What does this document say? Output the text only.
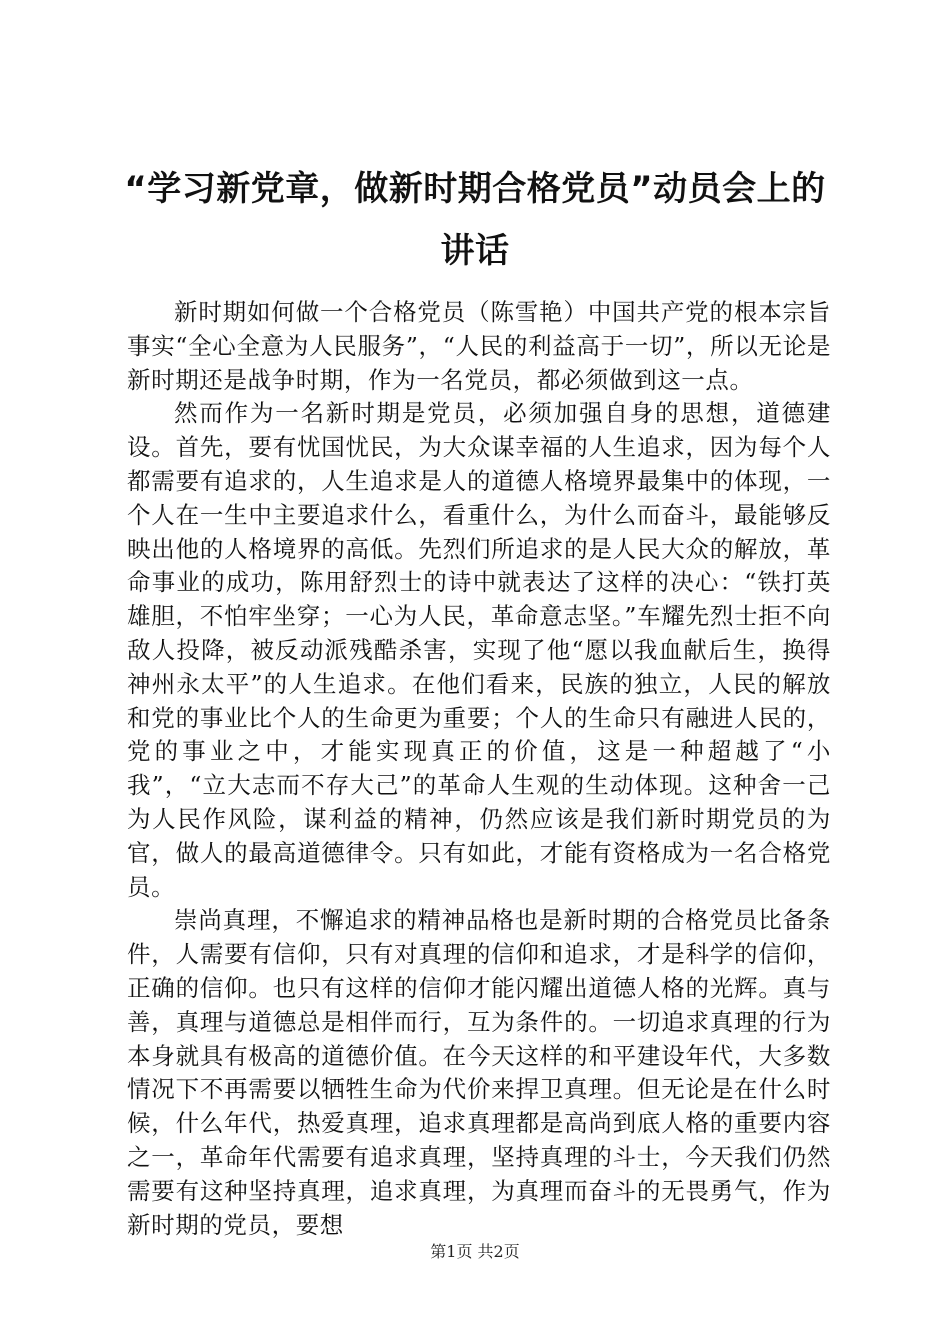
“学习新党章，做新时期合格党员”动员会上的讲话

新时期如何做一个合格党员（陈雪艳）中国共产党的根本宗旨事实“全心全意为人民服务”，“人民的利益高于一切”，所以无论是新时期还是战争时期，作为一名党员，都必须做到这一点。

然而作为一名新时期是党员，必须加强自身的思想，道德建设。首先，要有忧国忧民，为大众谋幸福的人生追求，因为每个人都需要有追求的，人生追求是人的道德人格境界最集中的体现，一个人在一生中主要追求什么，看重什么，为什么而奋斗，最能够反映出他的人格境界的高低。先烈们所追求的是人民大众的解放，革命事业的成功，陈用舒烈士的诗中就表达了这样的决心：“铁打英雄胆，不怕牢坐穿；一心为人民，革命意志坚。”车耀先烈士拒不向敌人投降，被反动派残酷杀害，实现了他“愿以我血献后生，换得神州永太平”的人生追求。在他们看来，民族的独立，人民的解放和党的事业比个人的生命更为重要；个人的生命只有融进人民的，党的事业之中，才能实现真正的价值，这是一种超越了“小我”，“立大志而不存大己”的革命人生观的生动体现。这种舍一己为人民作风险，谋利益的精神，仍然应该是我们新时期党员的为官，做人的最高道德律令。只有如此，才能有资格成为一名合格党员。

崇尚真理，不懈追求的精神品格也是新时期的合格党员比备条件，人需要有信仰，只有对真理的信仰和追求，才是科学的信仰，正确的信仰。也只有这样的信仰才能闪耀出道德人格的光辉。真与善，真理与道德总是相伴而行，互为条件的。一切追求真理的行为本身就具有极高的道德价值。在今天这样的和平建设年代，大多数情况下不再需要以牺牲生命为代价来捍卫真理。但无论是在什么时候，什么年代，热爱真理，追求真理都是高尚到底人格的重要内容之一，革命年代需要有追求真理，坚持真理的斗士，今天我们仍然需要有这种坚持真理，追求真理，为真理而奋斗的无畏勇气，作为新时期的党员，要想

第1页 共2页
